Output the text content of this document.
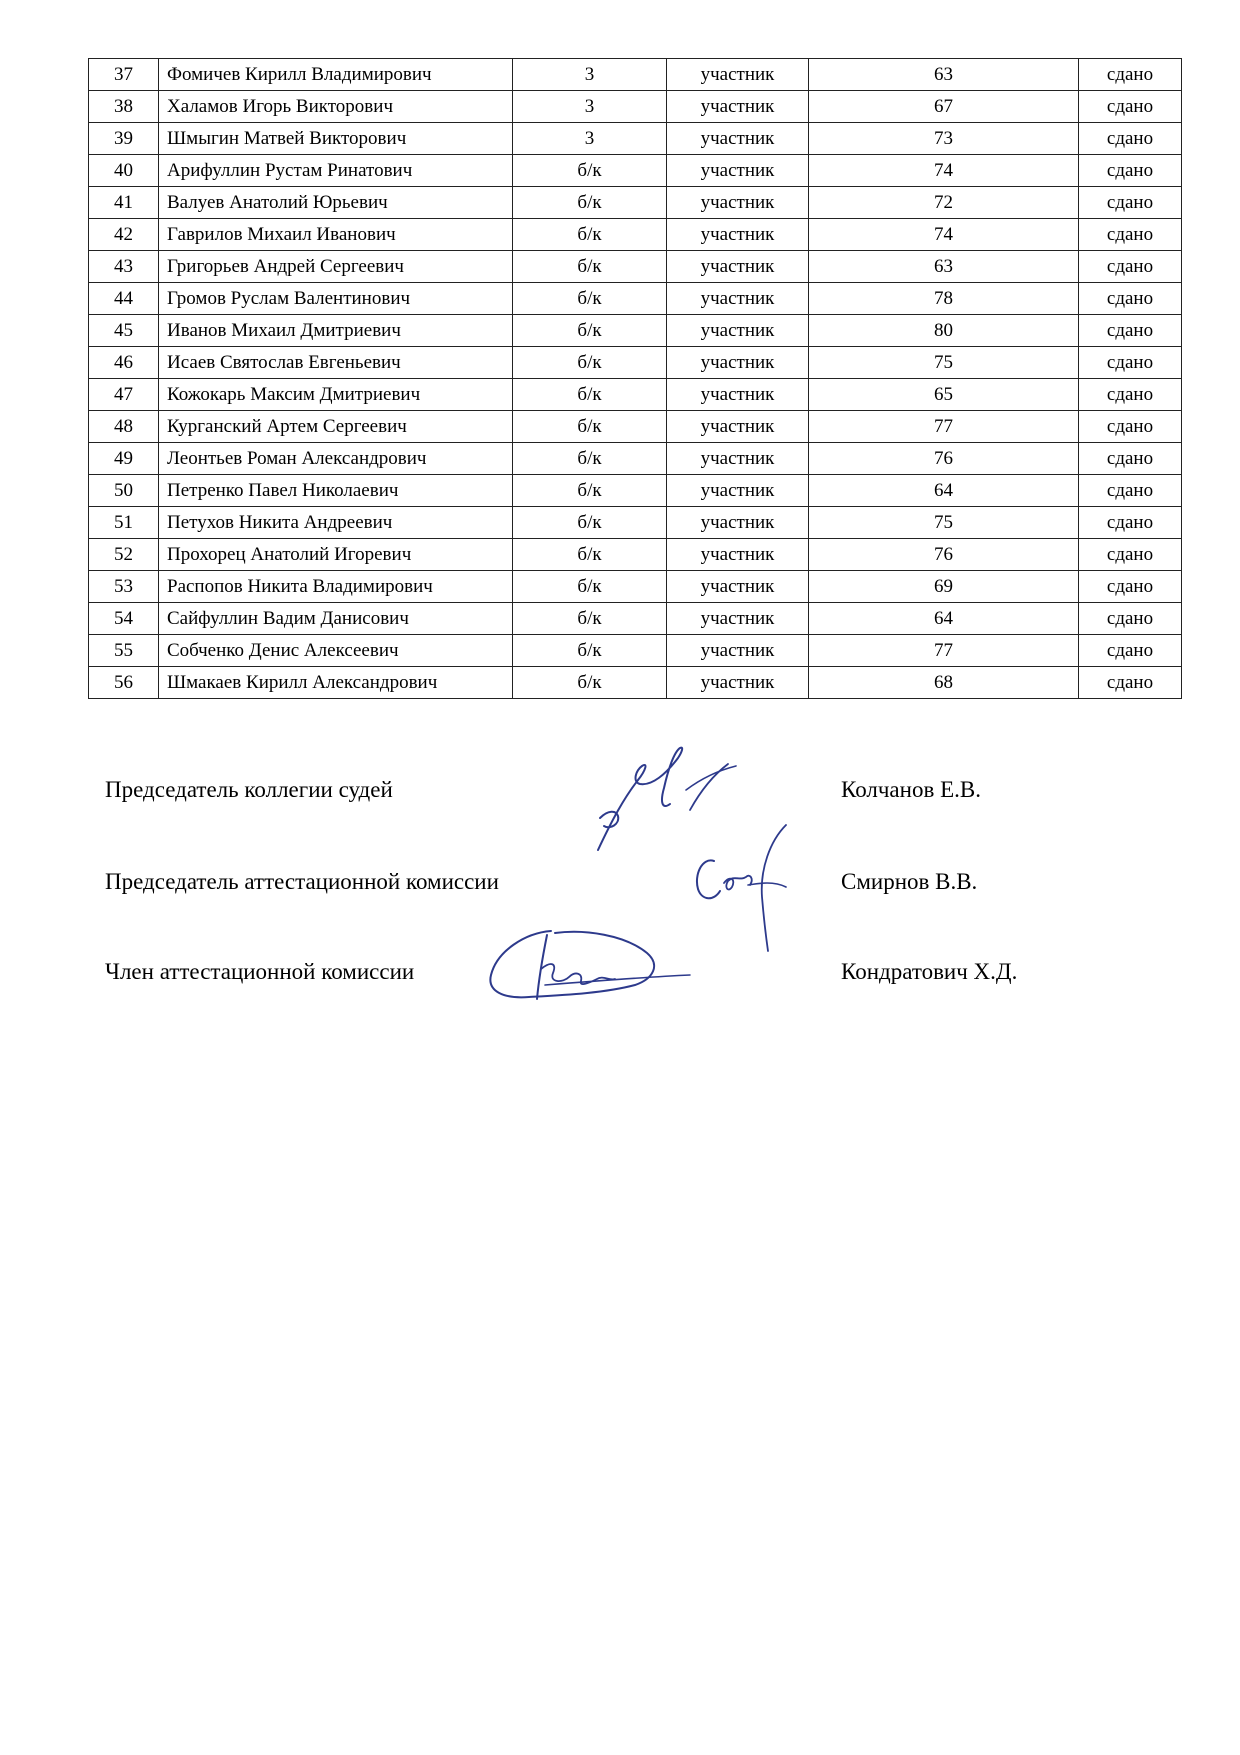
37	Фомичев Кирилл Владимирович	3	участник	63	сдано
38	Халамов Игорь Викторович	3	участник	67	сдано
39	Шмыгин Матвей Викторович	3	участник	73	сдано
40	Арифуллин Рустам Ринатович	б/к	участник	74	сдано
41	Валуев Анатолий Юрьевич	б/к	участник	72	сдано
42	Гаврилов Михаил Иванович	б/к	участник	74	сдано
43	Григорьев Андрей Сергеевич	б/к	участник	63	сдано
44	Громов Руслам Валентинович	б/к	участник	78	сдано
45	Иванов Михаил Дмитриевич	б/к	участник	80	сдано
46	Исаев Святослав Евгеньевич	б/к	участник	75	сдано
47	Кожокарь Максим Дмитриевич	б/к	участник	65	сдано
48	Курганский Артем Сергеевич	б/к	участник	77	сдано
49	Леонтьев Роман Александрович	б/к	участник	76	сдано
50	Петренко Павел Николаевич	б/к	участник	64	сдано
51	Петухов Никита Андреевич	б/к	участник	75	сдано
52	Прохорец Анатолий Игоревич	б/к	участник	76	сдано
53	Распопов Никита Владимирович	б/к	участник	69	сдано
54	Сайфуллин Вадим Данисович	б/к	участник	64	сдано
55	Собченко Денис Алексеевич	б/к	участник	77	сдано
56	Шмакаев Кирилл Александрович	б/к	участник	68	сдано
Председатель коллегии судей	Колчанов Е.В.
Председатель аттестационной комиссии	Смирнов В.В.
Член аттестационной комиссии	Кондратович Х.Д.
